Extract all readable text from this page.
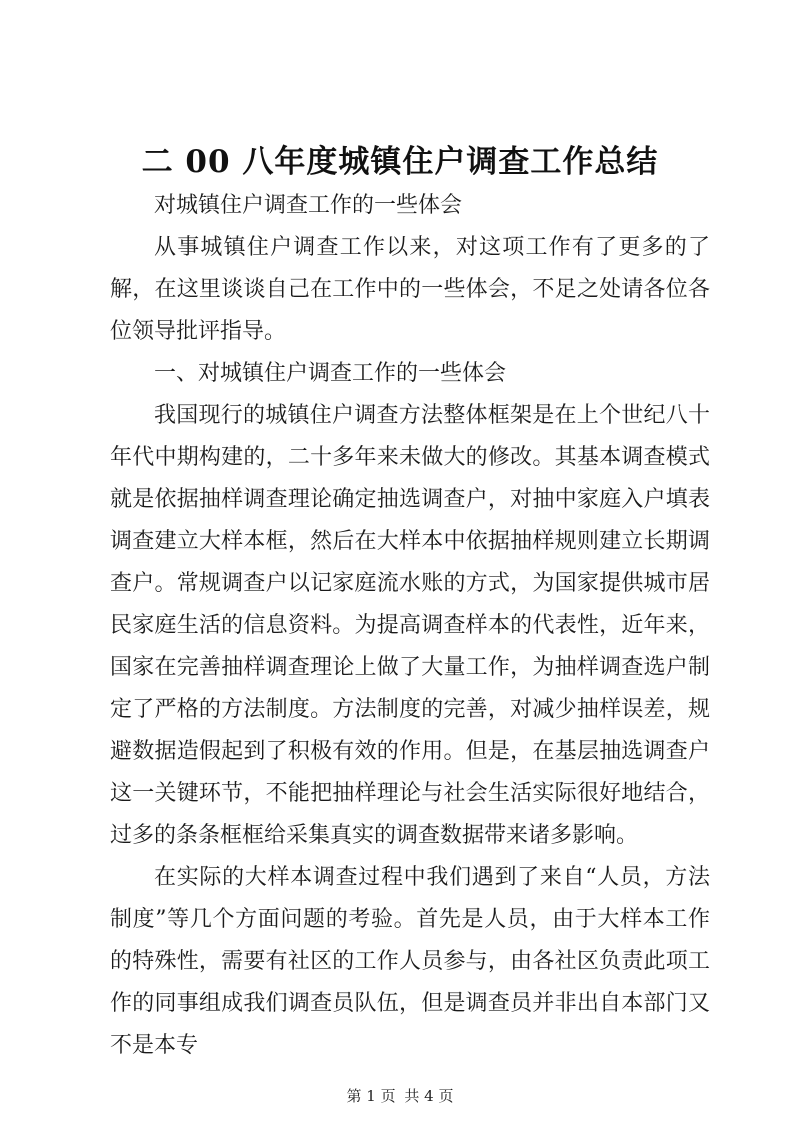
二 00 八年度城镇住户调查工作总结

对城镇住户调查工作的一些体会

从事城镇住户调查工作以来，对这项工作有了更多的了解，在这里谈谈自己在工作中的一些体会，不足之处请各位各位领导批评指导。

一、对城镇住户调查工作的一些体会

我国现行的城镇住户调查方法整体框架是在上个世纪八十年代中期构建的，二十多年来未做大的修改。其基本调查模式就是依据抽样调查理论确定抽选调查户，对抽中家庭入户填表调查建立大样本框，然后在大样本中依据抽样规则建立长期调查户。常规调查户以记家庭流水账的方式，为国家提供城市居民家庭生活的信息资料。为提高调查样本的代表性，近年来，国家在完善抽样调查理论上做了大量工作，为抽样调查选户制定了严格的方法制度。方法制度的完善，对减少抽样误差，规避数据造假起到了积极有效的作用。但是，在基层抽选调查户这一关键环节，不能把抽样理论与社会生活实际很好地结合，过多的条条框框给采集真实的调查数据带来诸多影响。

在实际的大样本调查过程中我们遇到了来自“人员，方法制度”等几个方面问题的考验。首先是人员，由于大样本工作的特殊性，需要有社区的工作人员参与，由各社区负责此项工作的同事组成我们调查员队伍，但是调查员并非出自本部门又不是本专

第 1 页 共 4 页
